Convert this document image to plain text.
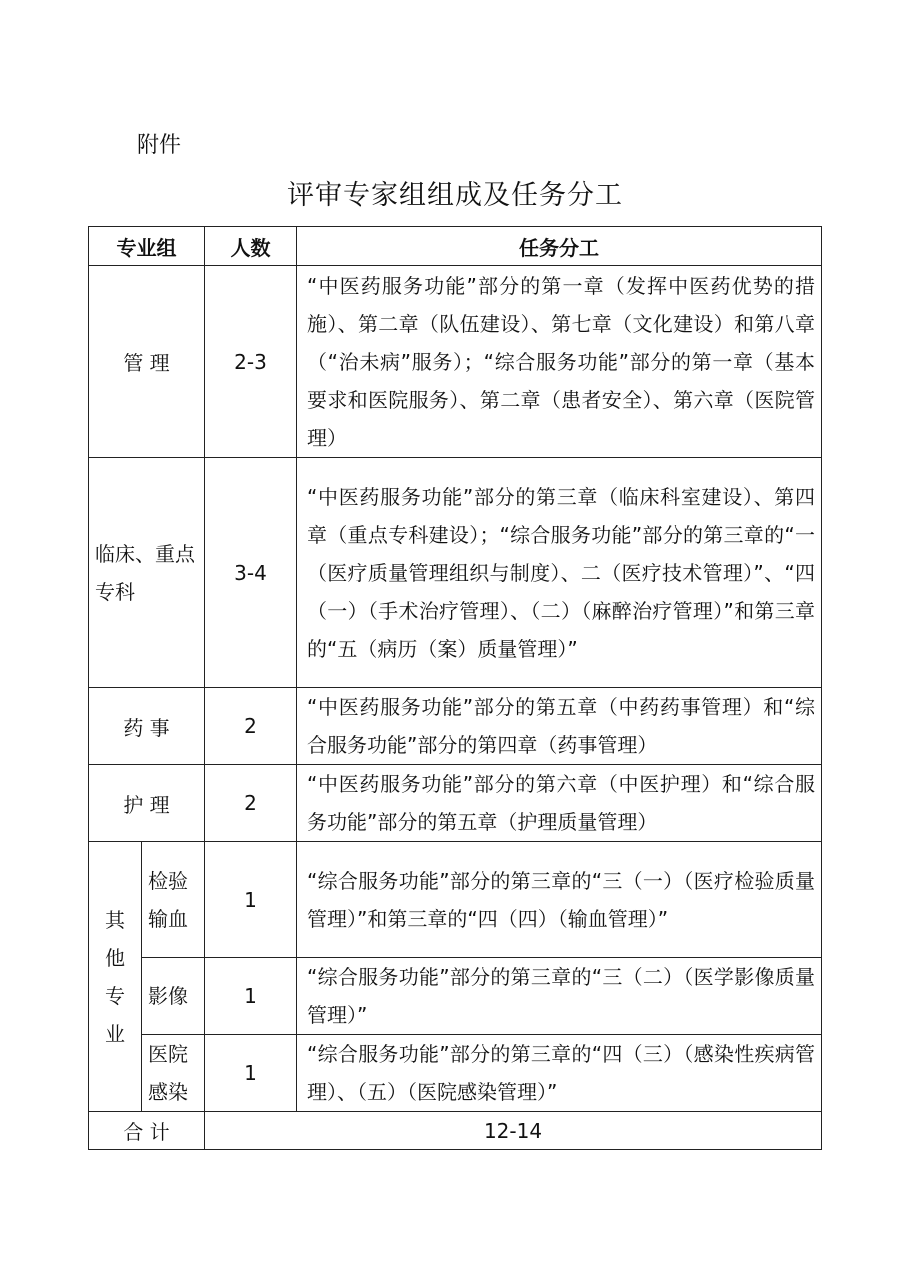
附件
评审专家组组成及任务分工
专业组		人数	任务分工
管 理		2-3	“中医药服务功能”部分的第一章（发挥中医药优势的措施）、第二章（队伍建设）、第七章（文化建设）和第八章（“治未病”服务）；“综合服务功能”部分的第一章（基本要求和医院服务）、第二章（患者安全）、第六章（医院管理）
临床、重点专科		3-4	“中医药服务功能”部分的第三章（临床科室建设）、第四章（重点专科建设）；“综合服务功能”部分的第三章的“一（医疗质量管理组织与制度）、二（医疗技术管理）”、“四（一）（手术治疗管理）、（二）（麻醉治疗管理）”和第三章的“五（病历（案）质量管理）”
药 事		2	“中医药服务功能”部分的第五章（中药药事管理）和“综合服务功能”部分的第四章（药事管理）
护 理		2	“中医药服务功能”部分的第六章（中医护理）和“综合服务功能”部分的第五章（护理质量管理）

其他专业	检验输血	1	“综合服务功能”部分的第三章的“三（一）（医疗检验质量管理）”和第三章的“四（四）（输血管理）”
	影像	1	“综合服务功能”部分的第三章的“三（二）（医学影像质量管理）”
	医院感染	1	“综合服务功能”部分的第三章的“四（三）（感染性疾病管理）、（五）（医院感染管理）”
合 计		12-14	
